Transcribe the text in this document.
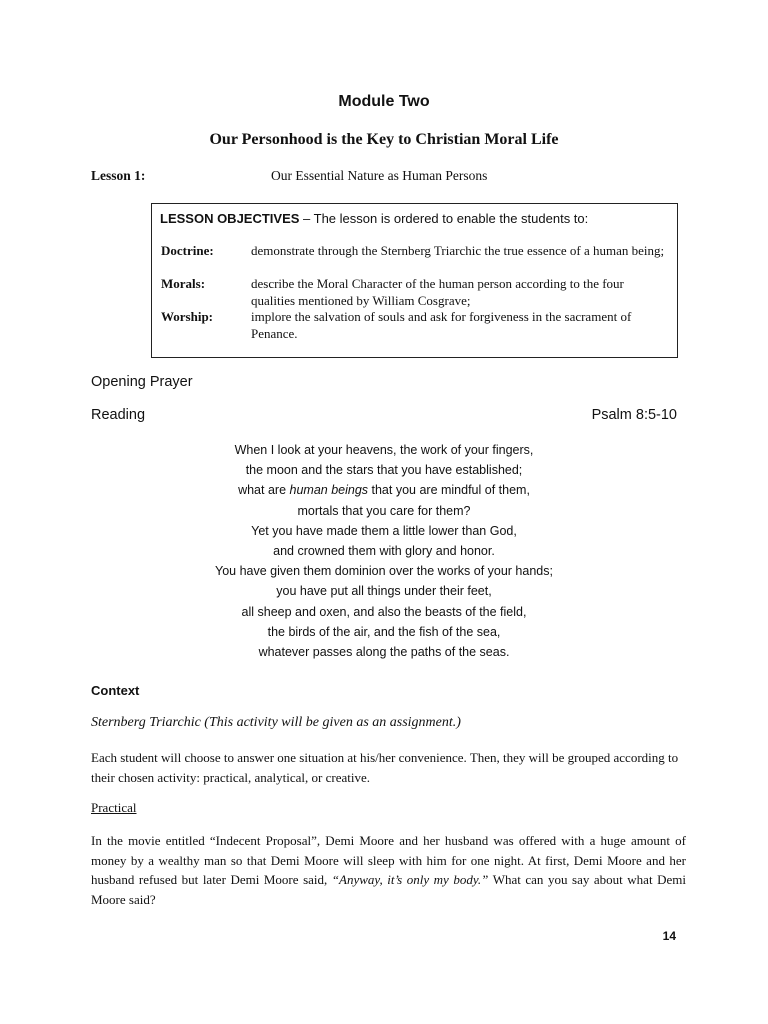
Module Two
Our Personhood is the Key to Christian Moral Life
Lesson 1:	Our Essential Nature as Human Persons
LESSON OBJECTIVES – The lesson is ordered to enable the students to:
Doctrine:	demonstrate through the Sternberg Triarchic the true essence of a human being;
Morals:	describe the Moral Character of the human person according to the four qualities mentioned by William Cosgrave;
Worship:	implore the salvation of souls and ask for forgiveness in the sacrament of Penance.
Opening Prayer
Reading	Psalm 8:5-10
When I look at your heavens, the work of your fingers,
the moon and the stars that you have established;
what are human beings that you are mindful of them,
mortals that you care for them?
Yet you have made them a little lower than God,
and crowned them with glory and honor.
You have given them dominion over the works of your hands;
you have put all things under their feet,
all sheep and oxen, and also the beasts of the field,
the birds of the air, and the fish of the sea,
whatever passes along the paths of the seas.
Context
Sternberg Triarchic (This activity will be given as an assignment.)
Each student will choose to answer one situation at his/her convenience. Then, they will be grouped according to their chosen activity: practical, analytical, or creative.
Practical
In the movie entitled “Indecent Proposal”, Demi Moore and her husband was offered with a huge amount of money by a wealthy man so that Demi Moore will sleep with him for one night. At first, Demi Moore and her husband refused but later Demi Moore said, “Anyway, it’s only my body.” What can you say about what Demi Moore said?
14
